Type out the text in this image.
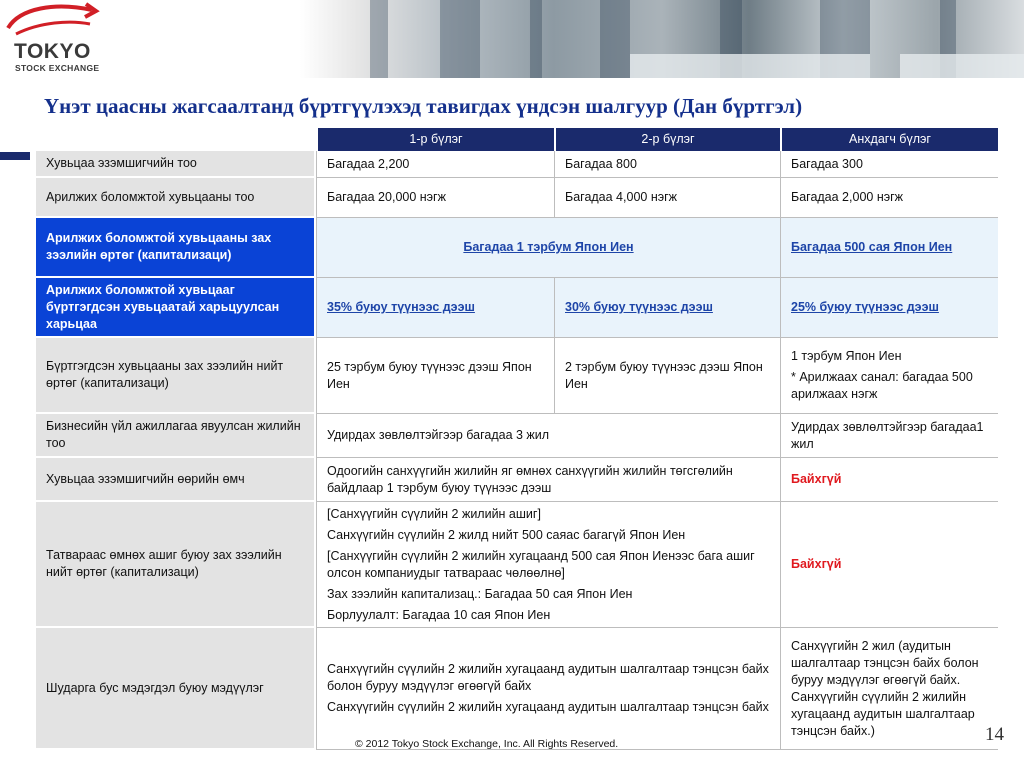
TOKYO
STOCK EXCHANGE
Үнэт цаасны жагсаалтанд бүртгүүлэхэд тавигдах үндсэн шалгуур (Дан бүртгэл)
	1-р бүлэг	2-р бүлэг	Анхдагч бүлэг
Хувьцаа эзэмшигчийн тоо	Багадаа 2,200	Багадаа 800	Багадаа 300
Арилжих боломжтой хувьцааны тоо	Багадаа 20,000 нэгж	Багадаа 4,000 нэгж	Багадаа 2,000 нэгж
Арилжих боломжтой хувьцааны зах зээлийн өртөг (капитализаци)	Багадаа 1 тэрбум Япон Иен		Багадаа 500 сая Япон Иен
Арилжих боломжтой хувьцааг бүртгэгдсэн хувьцаатай харьцуулсан харьцаа	35% буюу түүнээс дээш	30% буюу түүнээс дээш	25% буюу түүнээс дээш
Бүртгэгдсэн хувьцааны зах зээлийн нийт өртөг (капитализаци)	25 тэрбум буюу түүнээс дээш Япон Иен	2 тэрбум буюу түүнээс дээш Япон Иен	1 тэрбум Япон Иен

* Арилжаах санал: багадаа 500 арилжаах нэгж

Бизнесийн үйл ажиллагаа явуулсан жилийн тоо	Удирдах зөвлөлтэйгээр багадаа 3 жил		Удирдах зөвлөлтэйгээр багадаа1 жил
Хувьцаа эзэмшигчийн өөрийн өмч	Одоогийн санхүүгийн жилийн яг өмнөх санхүүгийн жилийн төгсгөлийн байдлаар 1 тэрбум буюу түүнээс дээш		Байхгүй
Татвараас өмнөх ашиг буюу зах зээлийн нийт өртөг (капитализаци)	[Санхүүгийн сүүлийн 2 жилийн ашиг]

Санхүүгийн сүүлийн 2 жилд нийт 500 саяас багагүй Япон Иен

[Санхүүгийн сүүлийн 2 жилийн хугацаанд 500 сая Япон Иенээс бага ашиг олсон компаниудыг татвараас чөлөөлнө]

Зах зээлийн капитализац.: Багадаа 50 сая Япон Иен

Борлуулалт: Багадаа 10 сая Япон Иен		Байхгүй
Шударга бус мэдэгдэл буюу мэдүүлэг	Санхүүгийн сүүлийн 2 жилийн хугацаанд аудитын шалгалтаар тэнцсэн байх болон буруу мэдүүлэг өгөөгүй байх

Санхүүгийн сүүлийн 2 жилийн хугацаанд аудитын шалгалтаар тэнцсэн байх		Санхүүгийн 2 жил (аудитын шалгалтаар тэнцсэн байх болон буруу мэдүүлэг өгөөгүй байх. Санхүүгийн сүүлийн 2 жилийн хугацаанд аудитын шалгалтаар тэнцсэн байх.)
© 2012 Tokyo Stock Exchange, Inc. All Rights Reserved.	14
